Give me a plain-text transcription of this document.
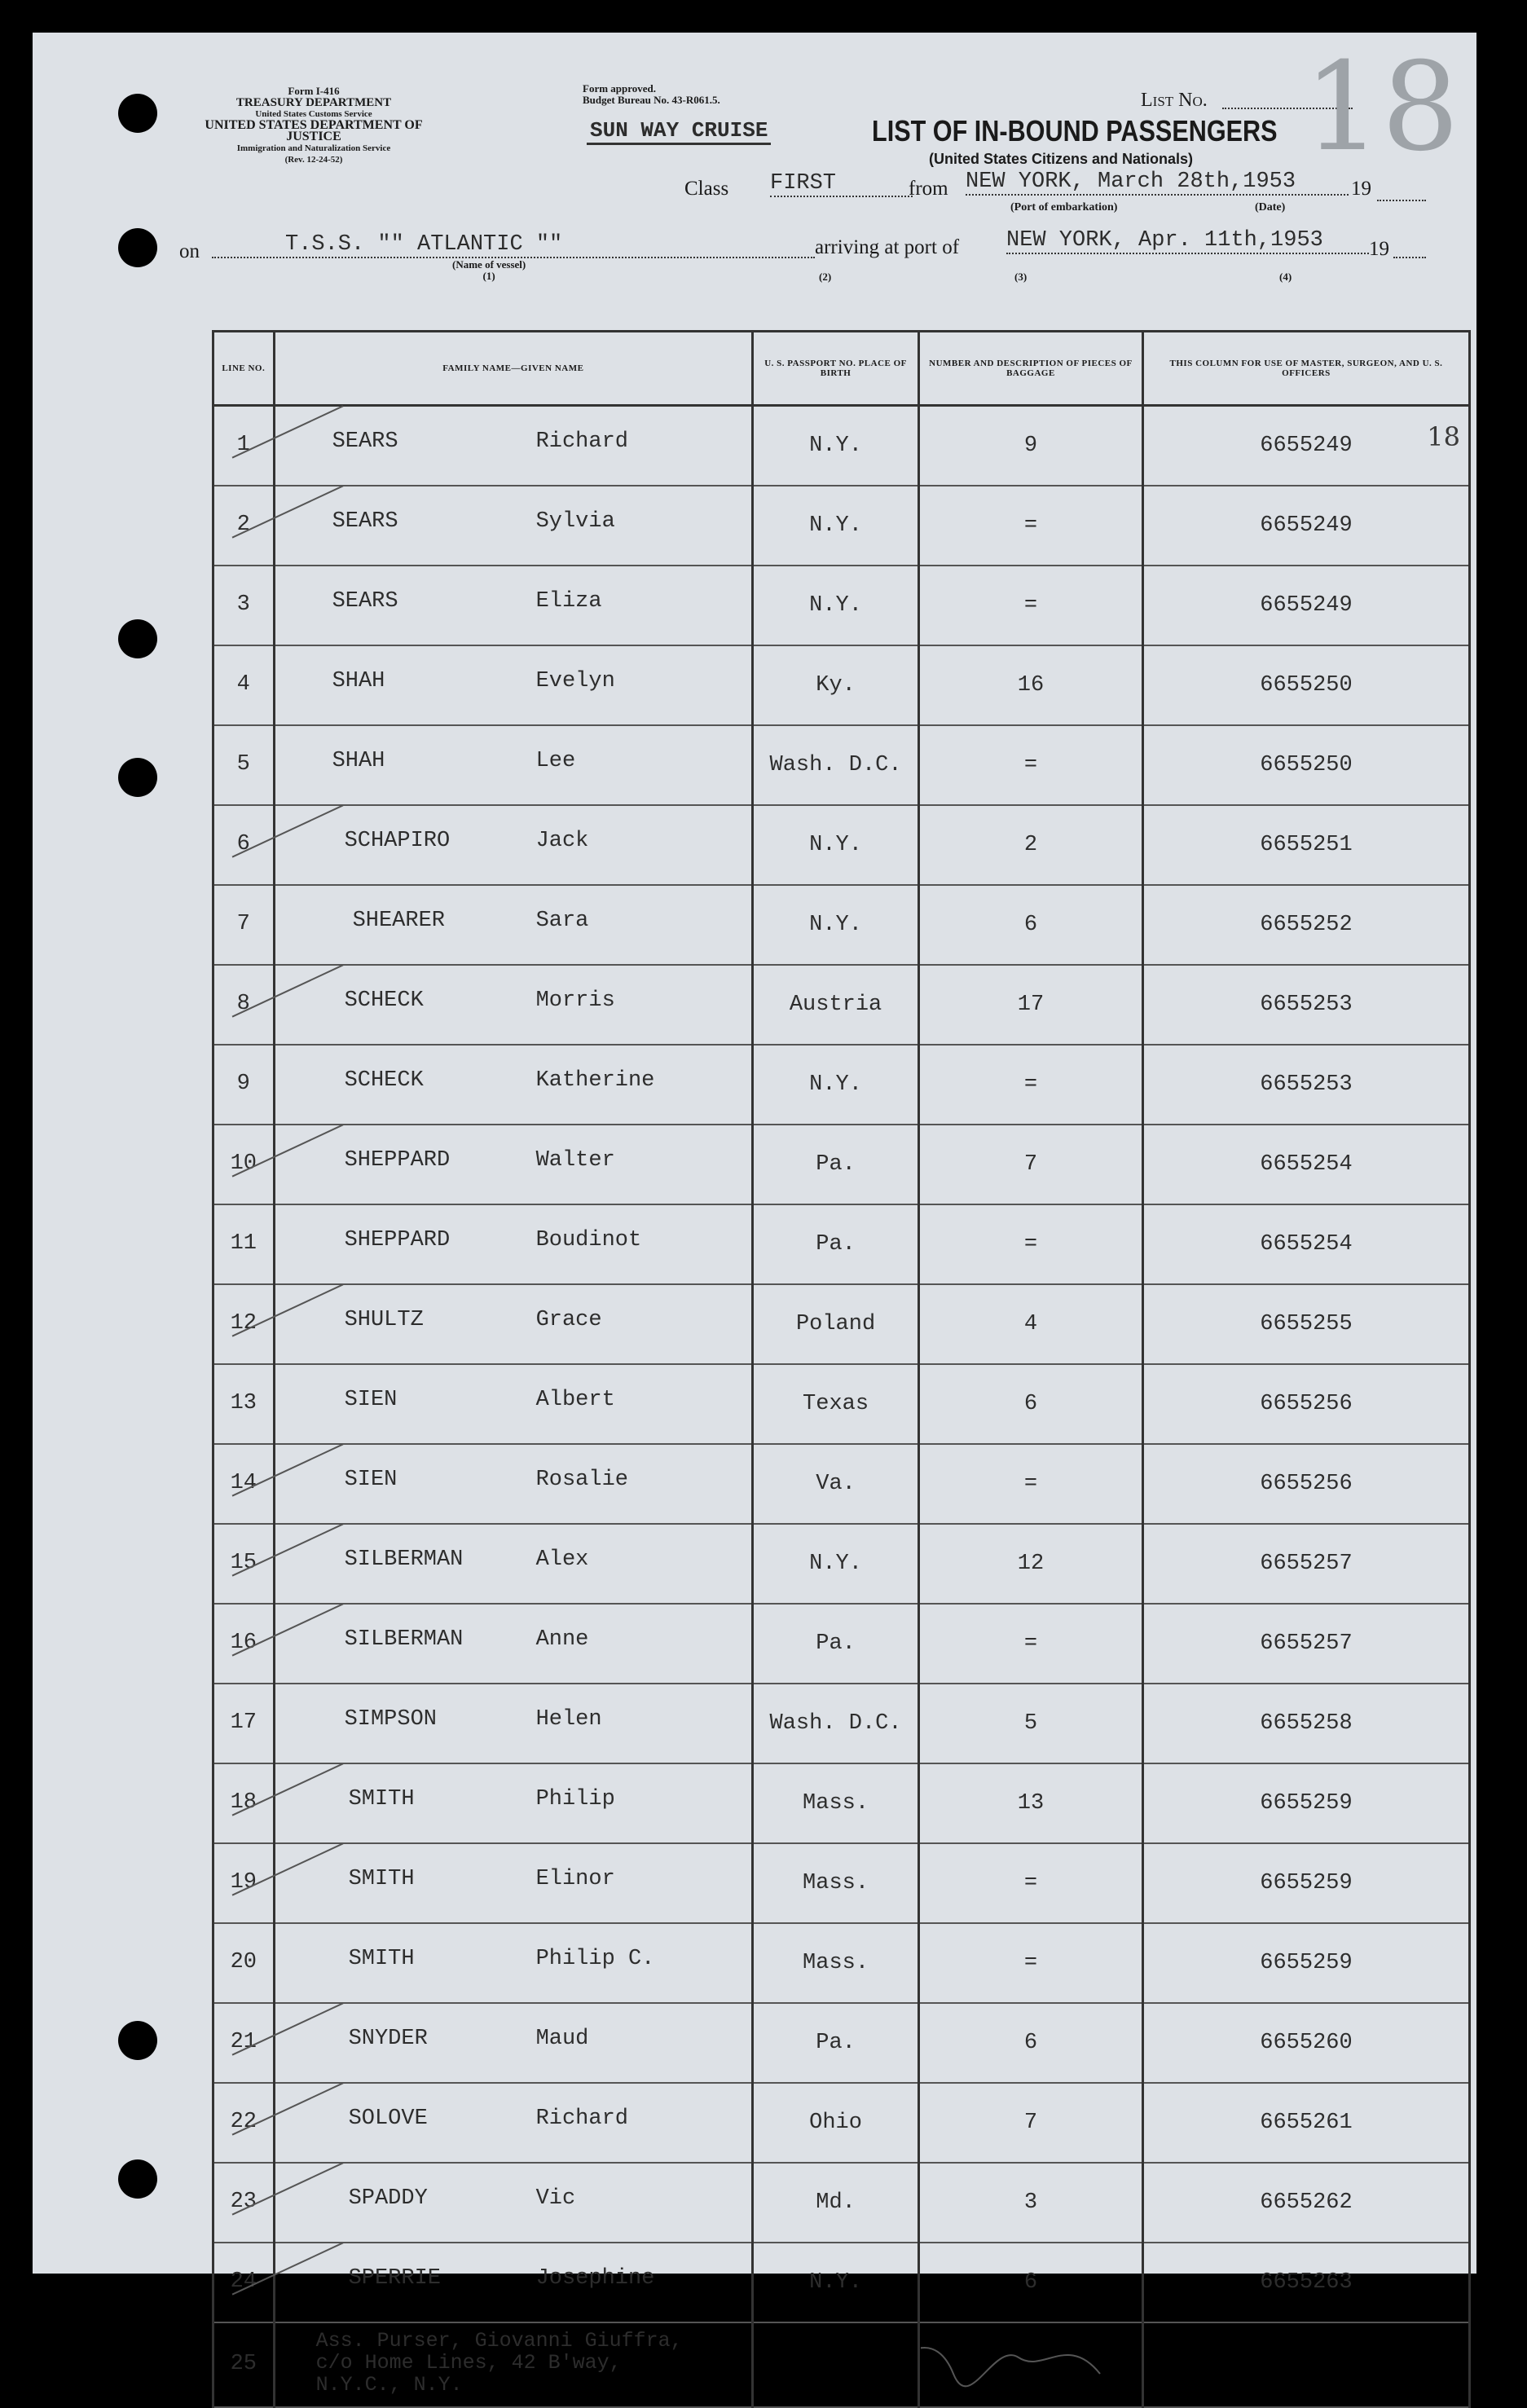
Form I-416
TREASURY DEPARTMENT
United States Customs Service
UNITED STATES DEPARTMENT OF JUSTICE
Immigration and Naturalization Service
(Rev. 12-24-52)
Form approved.
Budget Bureau No. 43-R061.5.
SUN WAY CRUISE
List No. 18
LIST OF IN-BOUND PASSENGERS
(United States Citizens and Nationals)
Class FIRST	from NEW YORK, March 28th,1953	19
(Port of embarkation)	(Date)
on	T.S.S. "" ATLANTIC ""	arriving at port of NEW YORK, Apr. 11th,1953	19
(Name of vessel)
(1)	(2)	(3)	(4)
LINE NO.	FAMILY NAME—GIVEN NAME	U. S. PASSPORT NO. PLACE OF BIRTH	NUMBER AND DESCRIPTION OF PIECES OF BAGGAGE	THIS COLUMN FOR USE OF MASTER, SURGEON, AND U. S. OFFICERS
1	SEARS Richard	N.Y.	9	6655249 18

2	SEARS Sylvia	N.Y.	=	6655249
3	SEARS Eliza	N.Y.	=	6655249
4	SHAH Evelyn	Ky.	16	6655250
5	SHAH Lee	Wash. D.C.	=	6655250
6	SCHAPIRO Jack	N.Y.	2	6655251
7	SHEARER Sara	N.Y.	6	6655252
8	SCHECK Morris	Austria	17	6655253
9	SCHECK Katherine	N.Y.	=	6655253
10	SHEPPARD Walter	Pa.	7	6655254
11	SHEPPARD Boudinot	Pa.	=	6655254
12	SHULTZ Grace	Poland	4	6655255
13	SIEN Albert	Texas	6	6655256
14	SIEN Rosalie	Va.	=	6655256
15	SILBERMAN Alex	N.Y.	12	6655257
16	SILBERMAN Anne	Pa.	=	6655257
17	SIMPSON Helen	Wash. D.C.	5	6655258
18	SMITH Philip	Mass.	13	6655259
19	SMITH Elinor	Mass.	=	6655259
20	SMITH Philip C.	Mass.	=	6655259
21	SNYDER Maud	Pa.	6	6655260
22	SOLOVE Richard	Ohio	7	6655261
23	SPADDY Vic	Md.	3	6655262
24	SPERRIE Josephine	N.Y.	6	6655263
25	Ass. Purser, Giovanni Giuffra,
c/o Home Lines, 42 B'way,
N.Y.C., N.Y.
